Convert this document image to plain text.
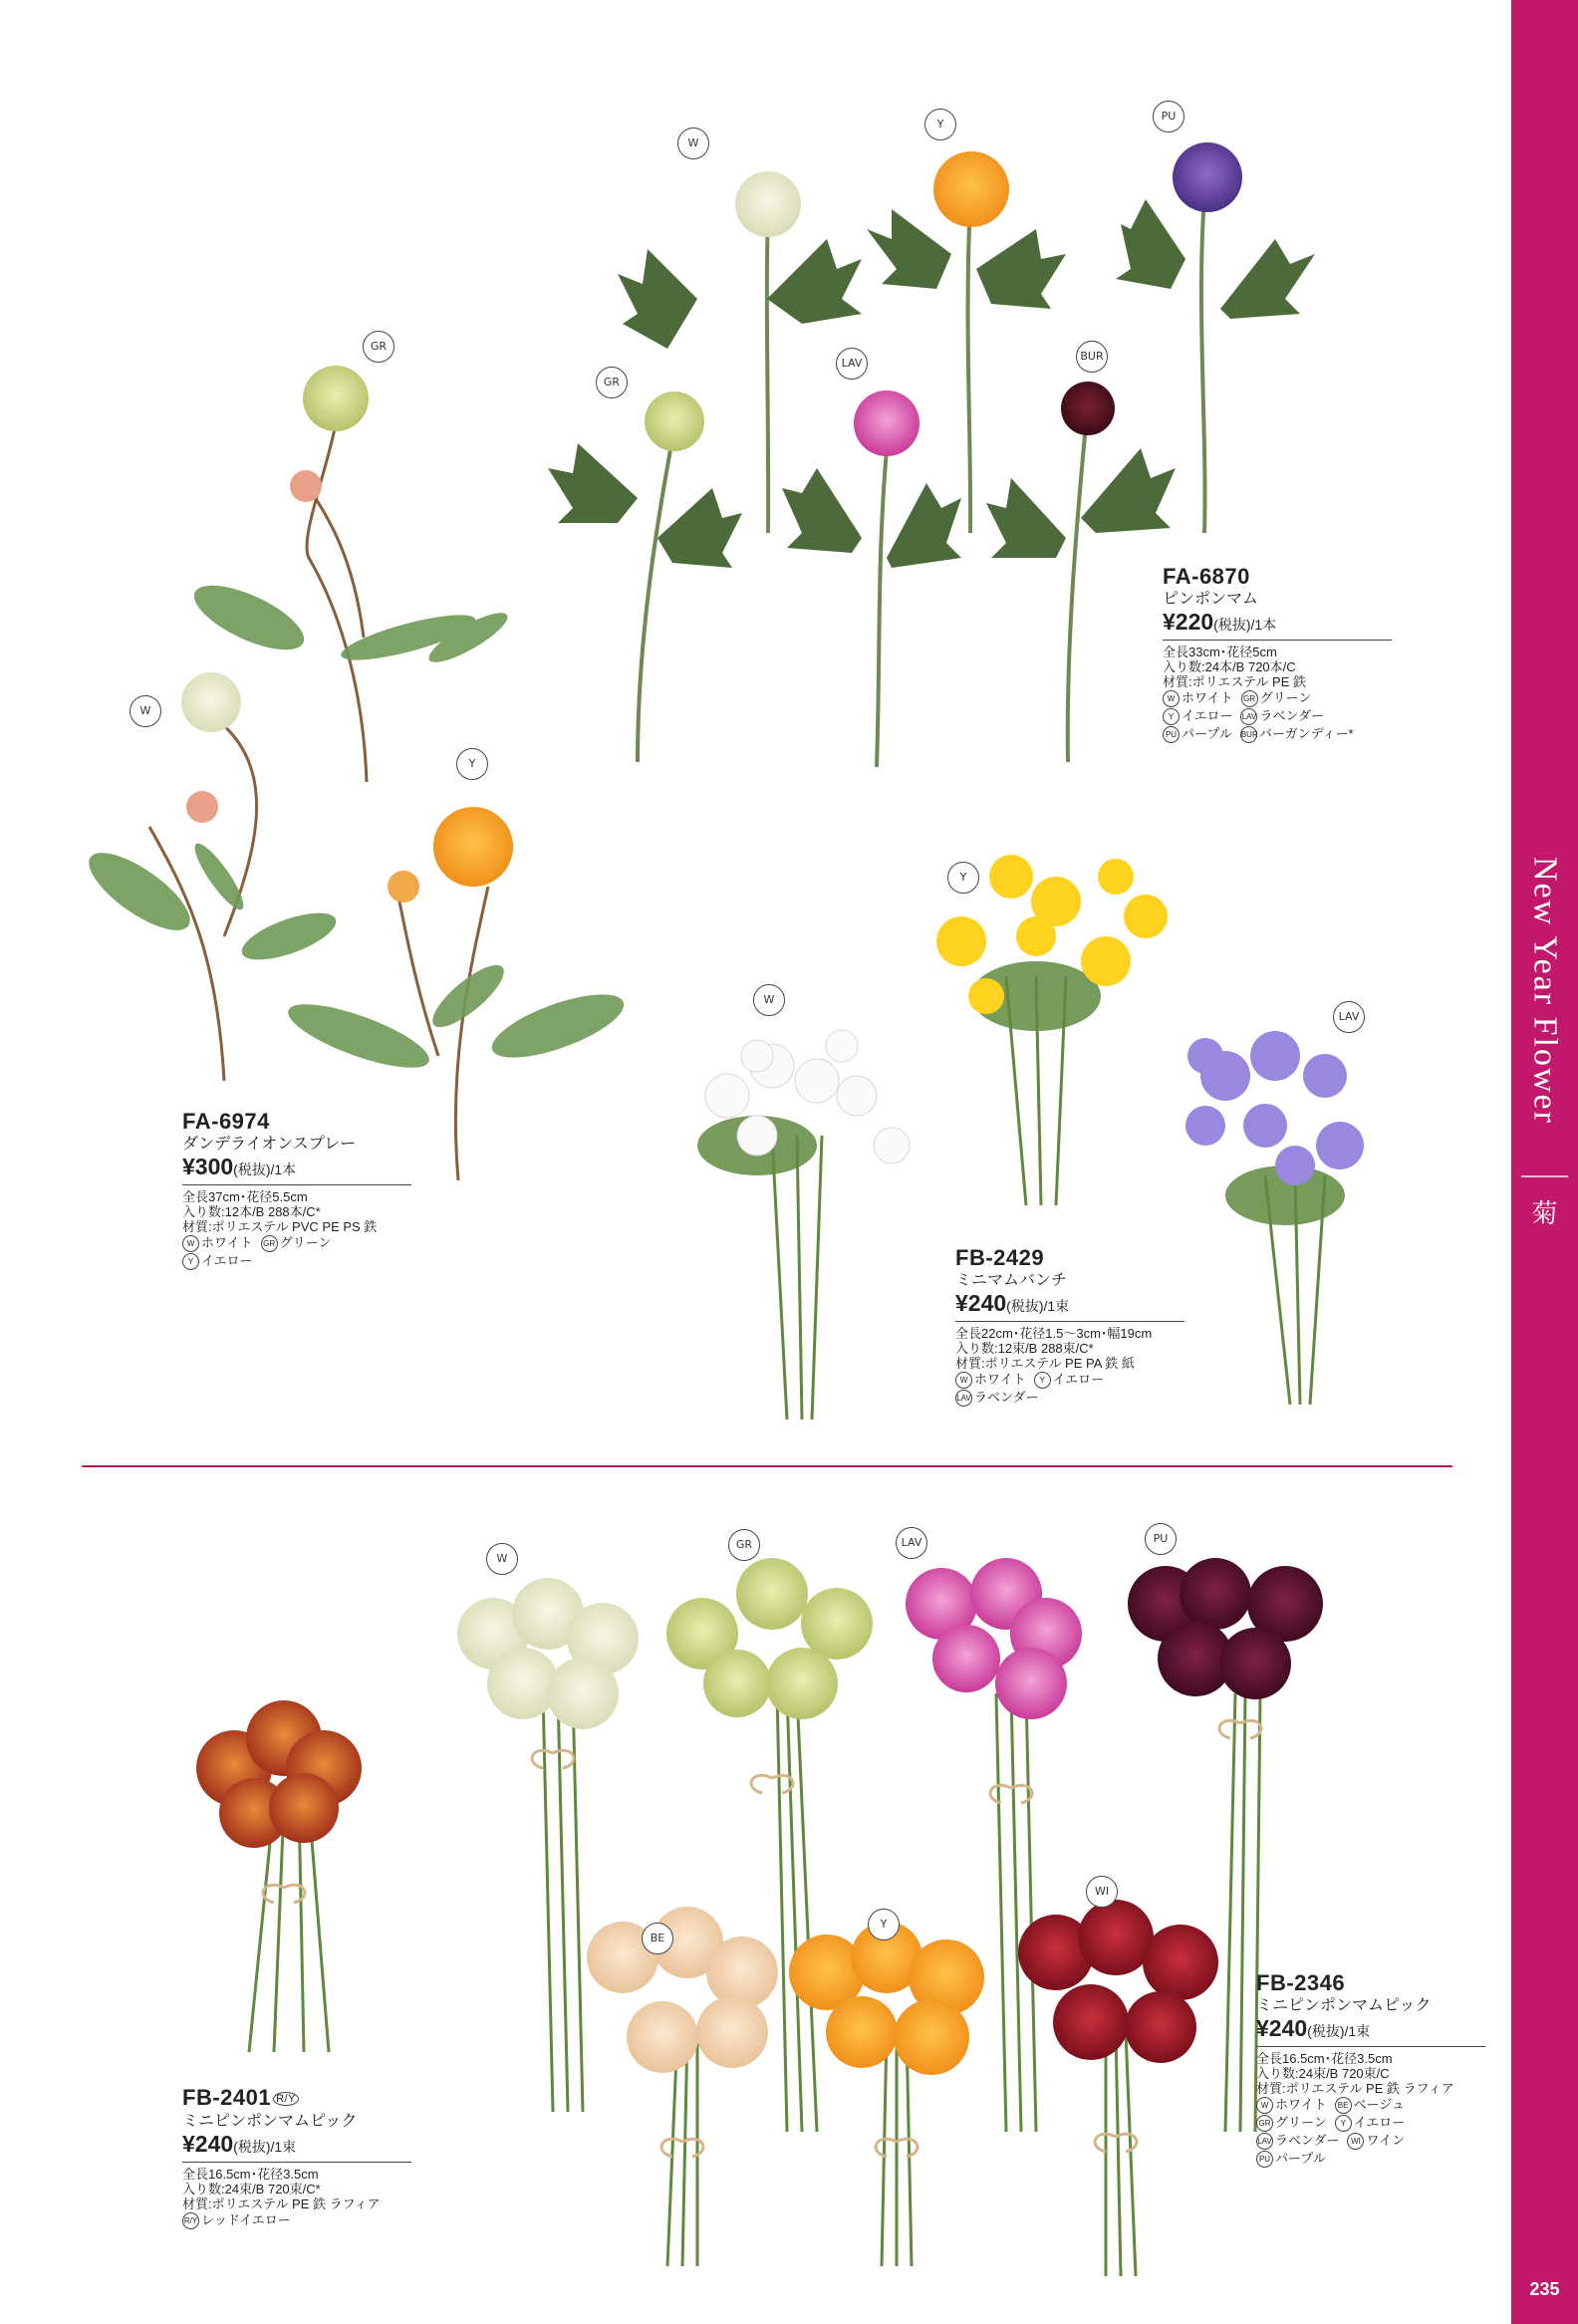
W
Y
PU
GR
LAV
BUR
GR
W
Y
Y
W
LAV
W
GR	LAV	PU
BE
Y
WI
FA-6870
ピンポンマム
¥220(税抜)/1本
全長33cm･花径5cm
入り数:24本/B 720本/C
材質:ポリエステル PE 鉄
W ホワイト GR グリーン
Y イエロー LAV ラベンダー
PU パープル BURバーガンディー*
FA-6974
ダンデライオンスプレー
¥300(税抜)/1本
全長37cm･花径5.5cm
入り数:12本/B 288本/C*
材質:ポリエステル PVC PE PS 鉄
W ホワイト GR グリーン
Y イエロー	FB-2429
ミニマムバンチ
¥240(税抜)/1束
全長22cm･花径1.5～3cm･幅19cm
入り数:12束/B 288束/C*
材質:ポリエステル PE PA 鉄 紙
W ホワイト Y イエロー
LAV ラベンダー
FB-2346
ミニピンポンマムピック
¥240(税抜)/1束
全長16.5cm･花径3.5cm
入り数:24束/B 720束/C
材質:ポリエステル PE 鉄 ラフィア
W ホワイト BE ベージュ
GR グリーン Y イエロー
LAV ラベンダー WI ワイン
PU パープル
FB-2401 R/Y
ミニピンポンマムピック
¥240(税抜)/1束
全長16.5cm･花径3.5cm
入り数:24束/B 720束/C*
材質:ポリエステル PE 鉄 ラフィア
R/Y レッドイエロー
New Year Flower
菊
235
